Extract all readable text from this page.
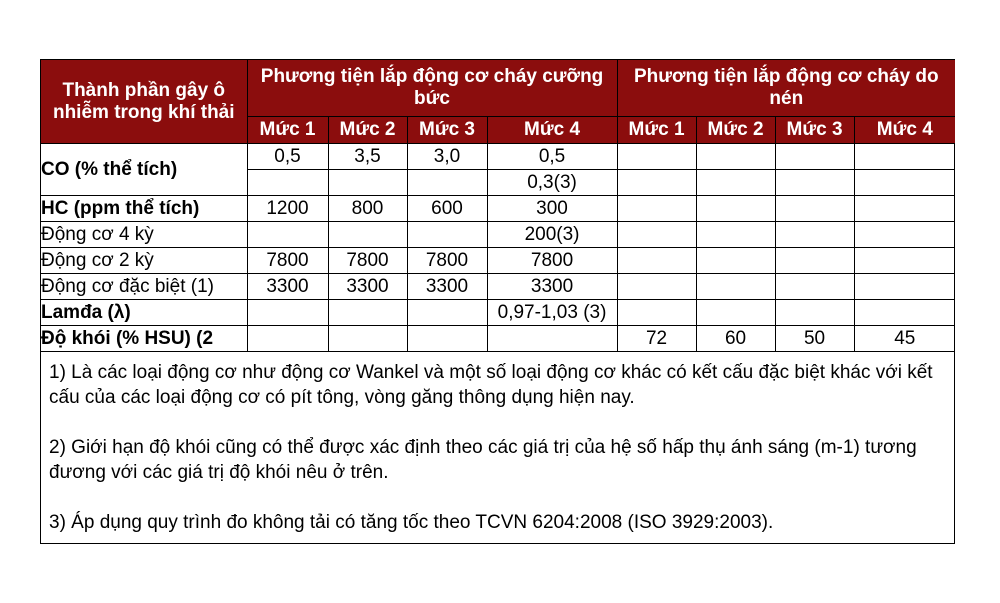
Thành phần gây ô nhiễm trong khí thải	Phương tiện lắp động cơ cháy cưỡng bức				Phương tiện lắp động cơ cháy do nén			
	Mức 1	Mức 2	Mức 3	Mức 4	Mức 1	Mức 2	Mức 3	Mức 4
CO (% thể tích)	0,5	3,5	3,0	0,5				
				0,3(3)				
HC (ppm thể tích)	1200	800	600	300				
Động cơ 4 kỳ				200(3)				
Động cơ 2 kỳ	7800	7800	7800	7800				
Động cơ đặc biệt (1)	3300	3300	3300	3300				
Lamđa (λ)				0,97-1,03 (3)				
Độ khói (% HSU) (2					72	60	50	45

1) Là các loại động cơ như động cơ Wankel và một số loại động cơ khác có kết cấu đặc biệt khác với kết cấu của các loại động cơ có pít tông, vòng găng thông dụng hiện nay.

2) Giới hạn độ khói cũng có thể được xác định theo các giá trị của hệ số hấp thụ ánh sáng (m-1) tương đương với các giá trị độ khói nêu ở trên.

3) Áp dụng quy trình đo không tải có tăng tốc theo TCVN 6204:2008 (ISO 3929:2003).
